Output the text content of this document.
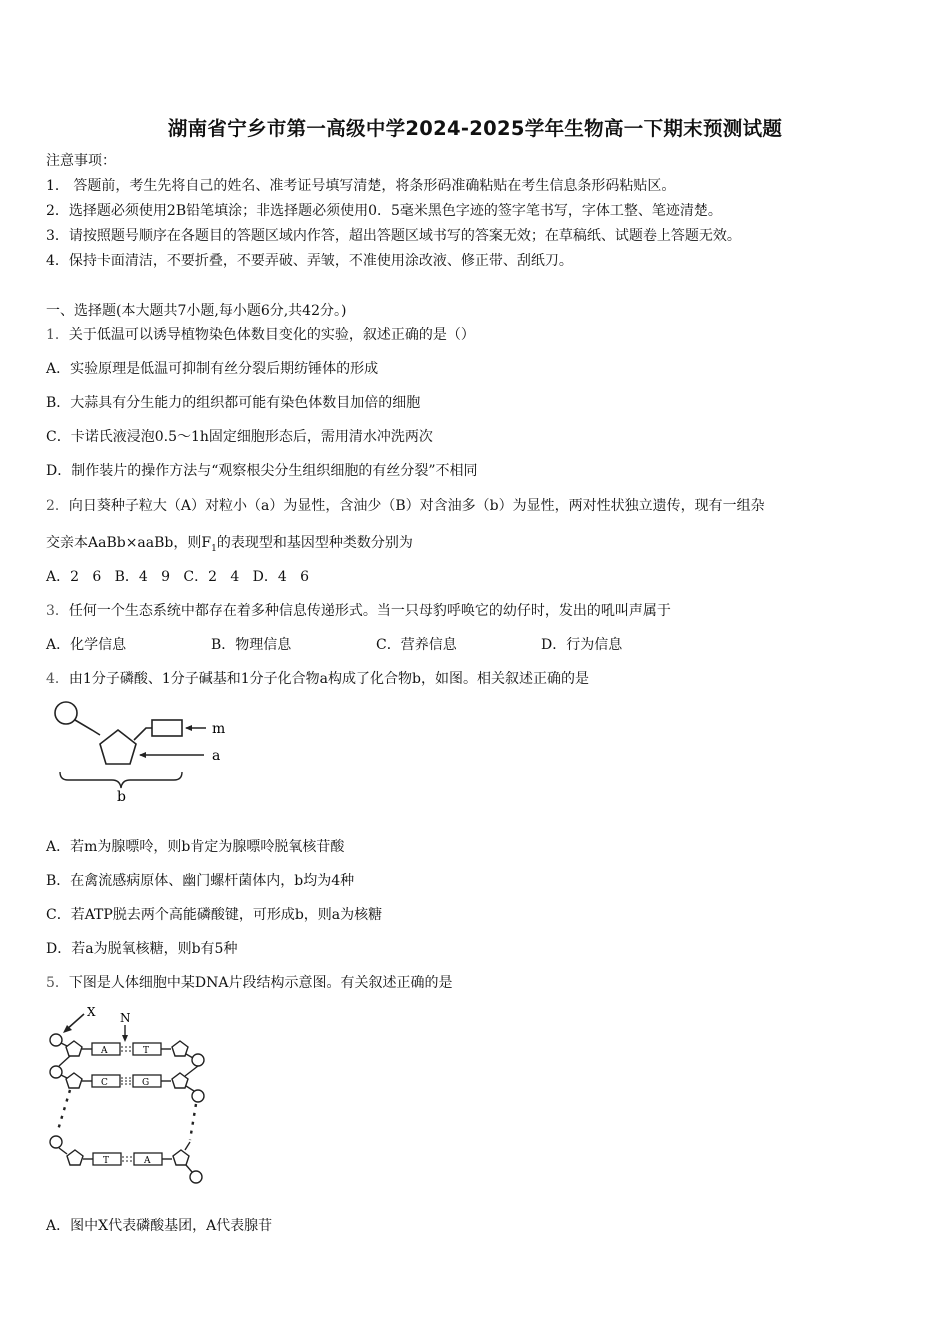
湖南省宁乡市第一高级中学2024-2025学年生物高一下期末预测试题
注意事项：
1． 答题前，考生先将自己的姓名、准考证号填写清楚，将条形码准确粘贴在考生信息条形码粘贴区。
2．选择题必须使用2B铅笔填涂；非选择题必须使用0．5毫米黑色字迹的签字笔书写，字体工整、笔迹清楚。
3．请按照题号顺序在各题目的答题区域内作答，超出答题区域书写的答案无效；在草稿纸、试题卷上答题无效。
4．保持卡面清洁，不要折叠，不要弄破、弄皱，不准使用涂改液、修正带、刮纸刀。
一、选择题(本大题共7小题,每小题6分,共42分。)
1．关于低温可以诱导植物染色体数目变化的实验，叙述正确的是（）
A．实验原理是低温可抑制有丝分裂后期纺锤体的形成
B．大蒜具有分生能力的组织都可能有染色体数目加倍的细胞
C．卡诺氏液浸泡0.5～1h固定细胞形态后，需用清水冲洗两次
D．制作装片的操作方法与“观察根尖分生组织细胞的有丝分裂”不相同
2．向日葵种子粒大（A）对粒小（a）为显性，含油少（B）对含油多（b）为显性，两对性状独立遗传，现有一组杂
交亲本AaBb×aaBb，则$F_1$的表现型和基因型种类数分别为
A．2   6   B．4   9   C．2   4   D．4   6
3．任何一个生态系统中都存在着多种信息传递形式。当一只母豹呼唤它的幼仔时，发出的吼叫声属于
A．化学信息	B．物理信息	C．营养信息	D．行为信息
4．由1分子磷酸、1分子碱基和1分子化合物a构成了化合物b，如图。相关叙述正确的是
m
a
b
A．若m为腺嘌呤，则b肯定为腺嘌呤脱氧核苷酸
B．在禽流感病原体、幽门螺杆菌体内，b均为4种
C．若ATP脱去两个高能磷酸键，可形成b，则a为核糖
D．若a为脱氧核糖，则b有5种
5．下图是人体细胞中某DNA片段结构示意图。有关叙述正确的是
X N
A	T
C	G
T	A
A．图中X代表磷酸基团，A代表腺苷
